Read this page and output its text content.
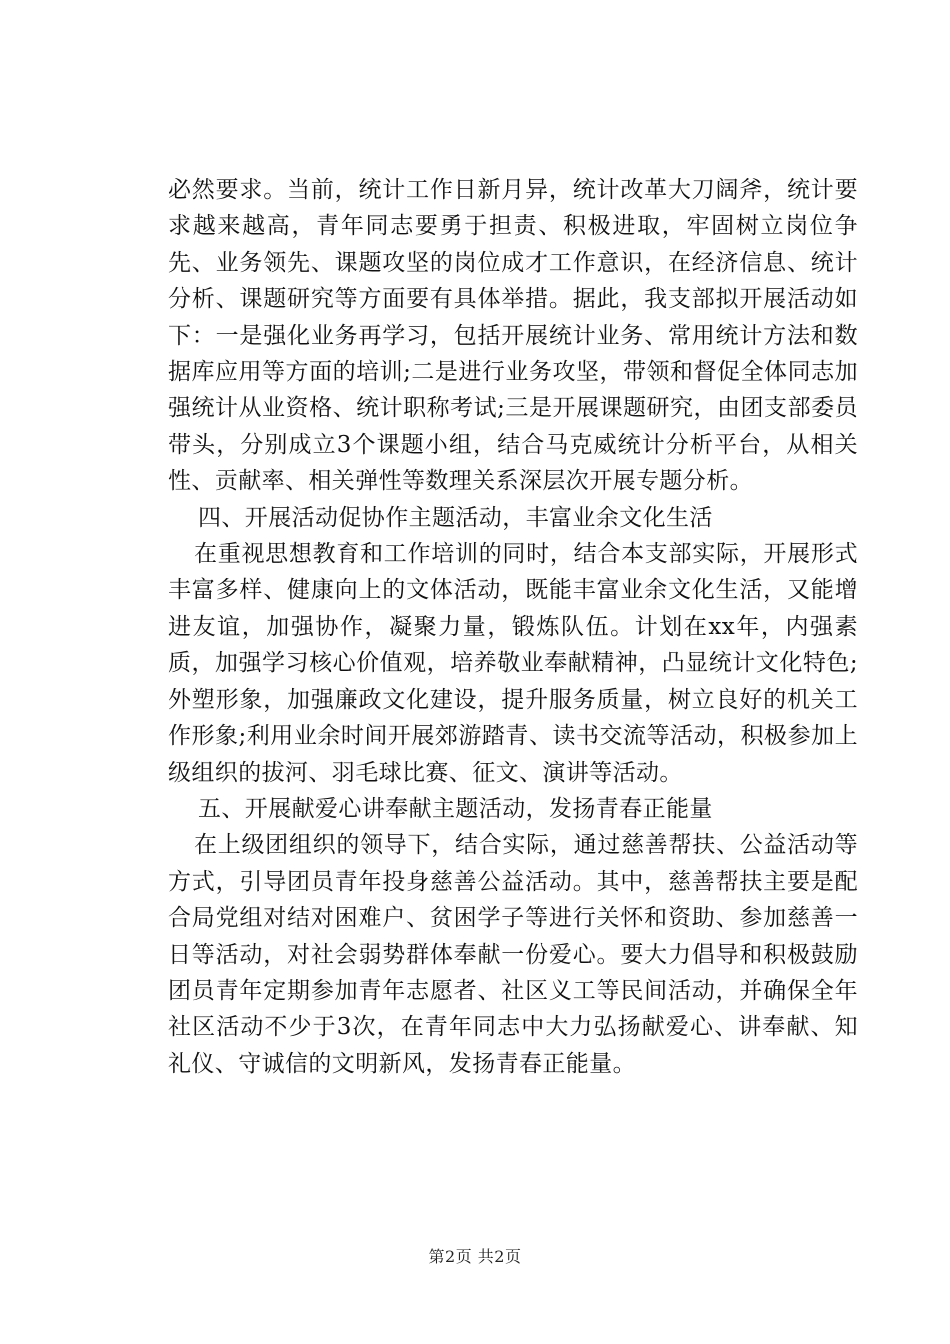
必然要求。当前，统计工作日新月异，统计改革大刀阔斧，统计要求越来越高，青年同志要勇于担责、积极进取，牢固树立岗位争先、业务领先、课题攻坚的岗位成才工作意识，在经济信息、统计分析、课题研究等方面要有具体举措。据此，我支部拟开展活动如下：一是强化业务再学习，包括开展统计业务、常用统计方法和数据库应用等方面的培训;二是进行业务攻坚，带领和督促全体同志加强统计从业资格、统计职称考试;三是开展课题研究，由团支部委员带头，分别成立3个课题小组，结合马克威统计分析平台，从相关性、贡献率、相关弹性等数理关系深层次开展专题分析。

四、开展活动促协作主题活动，丰富业余文化生活

在重视思想教育和工作培训的同时，结合本支部实际，开展形式丰富多样、健康向上的文体活动，既能丰富业余文化生活，又能增进友谊，加强协作，凝聚力量，锻炼队伍。计划在xx年，内强素质，加强学习核心价值观，培养敬业奉献精神，凸显统计文化特色;外塑形象，加强廉政文化建设，提升服务质量，树立良好的机关工作形象;利用业余时间开展郊游踏青、读书交流等活动，积极参加上级组织的拔河、羽毛球比赛、征文、演讲等活动。

五、开展献爱心讲奉献主题活动，发扬青春正能量

在上级团组织的领导下，结合实际，通过慈善帮扶、公益活动等方式，引导团员青年投身慈善公益活动。其中，慈善帮扶主要是配合局党组对结对困难户、贫困学子等进行关怀和资助、参加慈善一日等活动，对社会弱势群体奉献一份爱心。要大力倡导和积极鼓励团员青年定期参加青年志愿者、社区义工等民间活动，并确保全年社区活动不少于3次，在青年同志中大力弘扬献爱心、讲奉献、知礼仪、守诚信的文明新风，发扬青春正能量。

第2页 共2页
